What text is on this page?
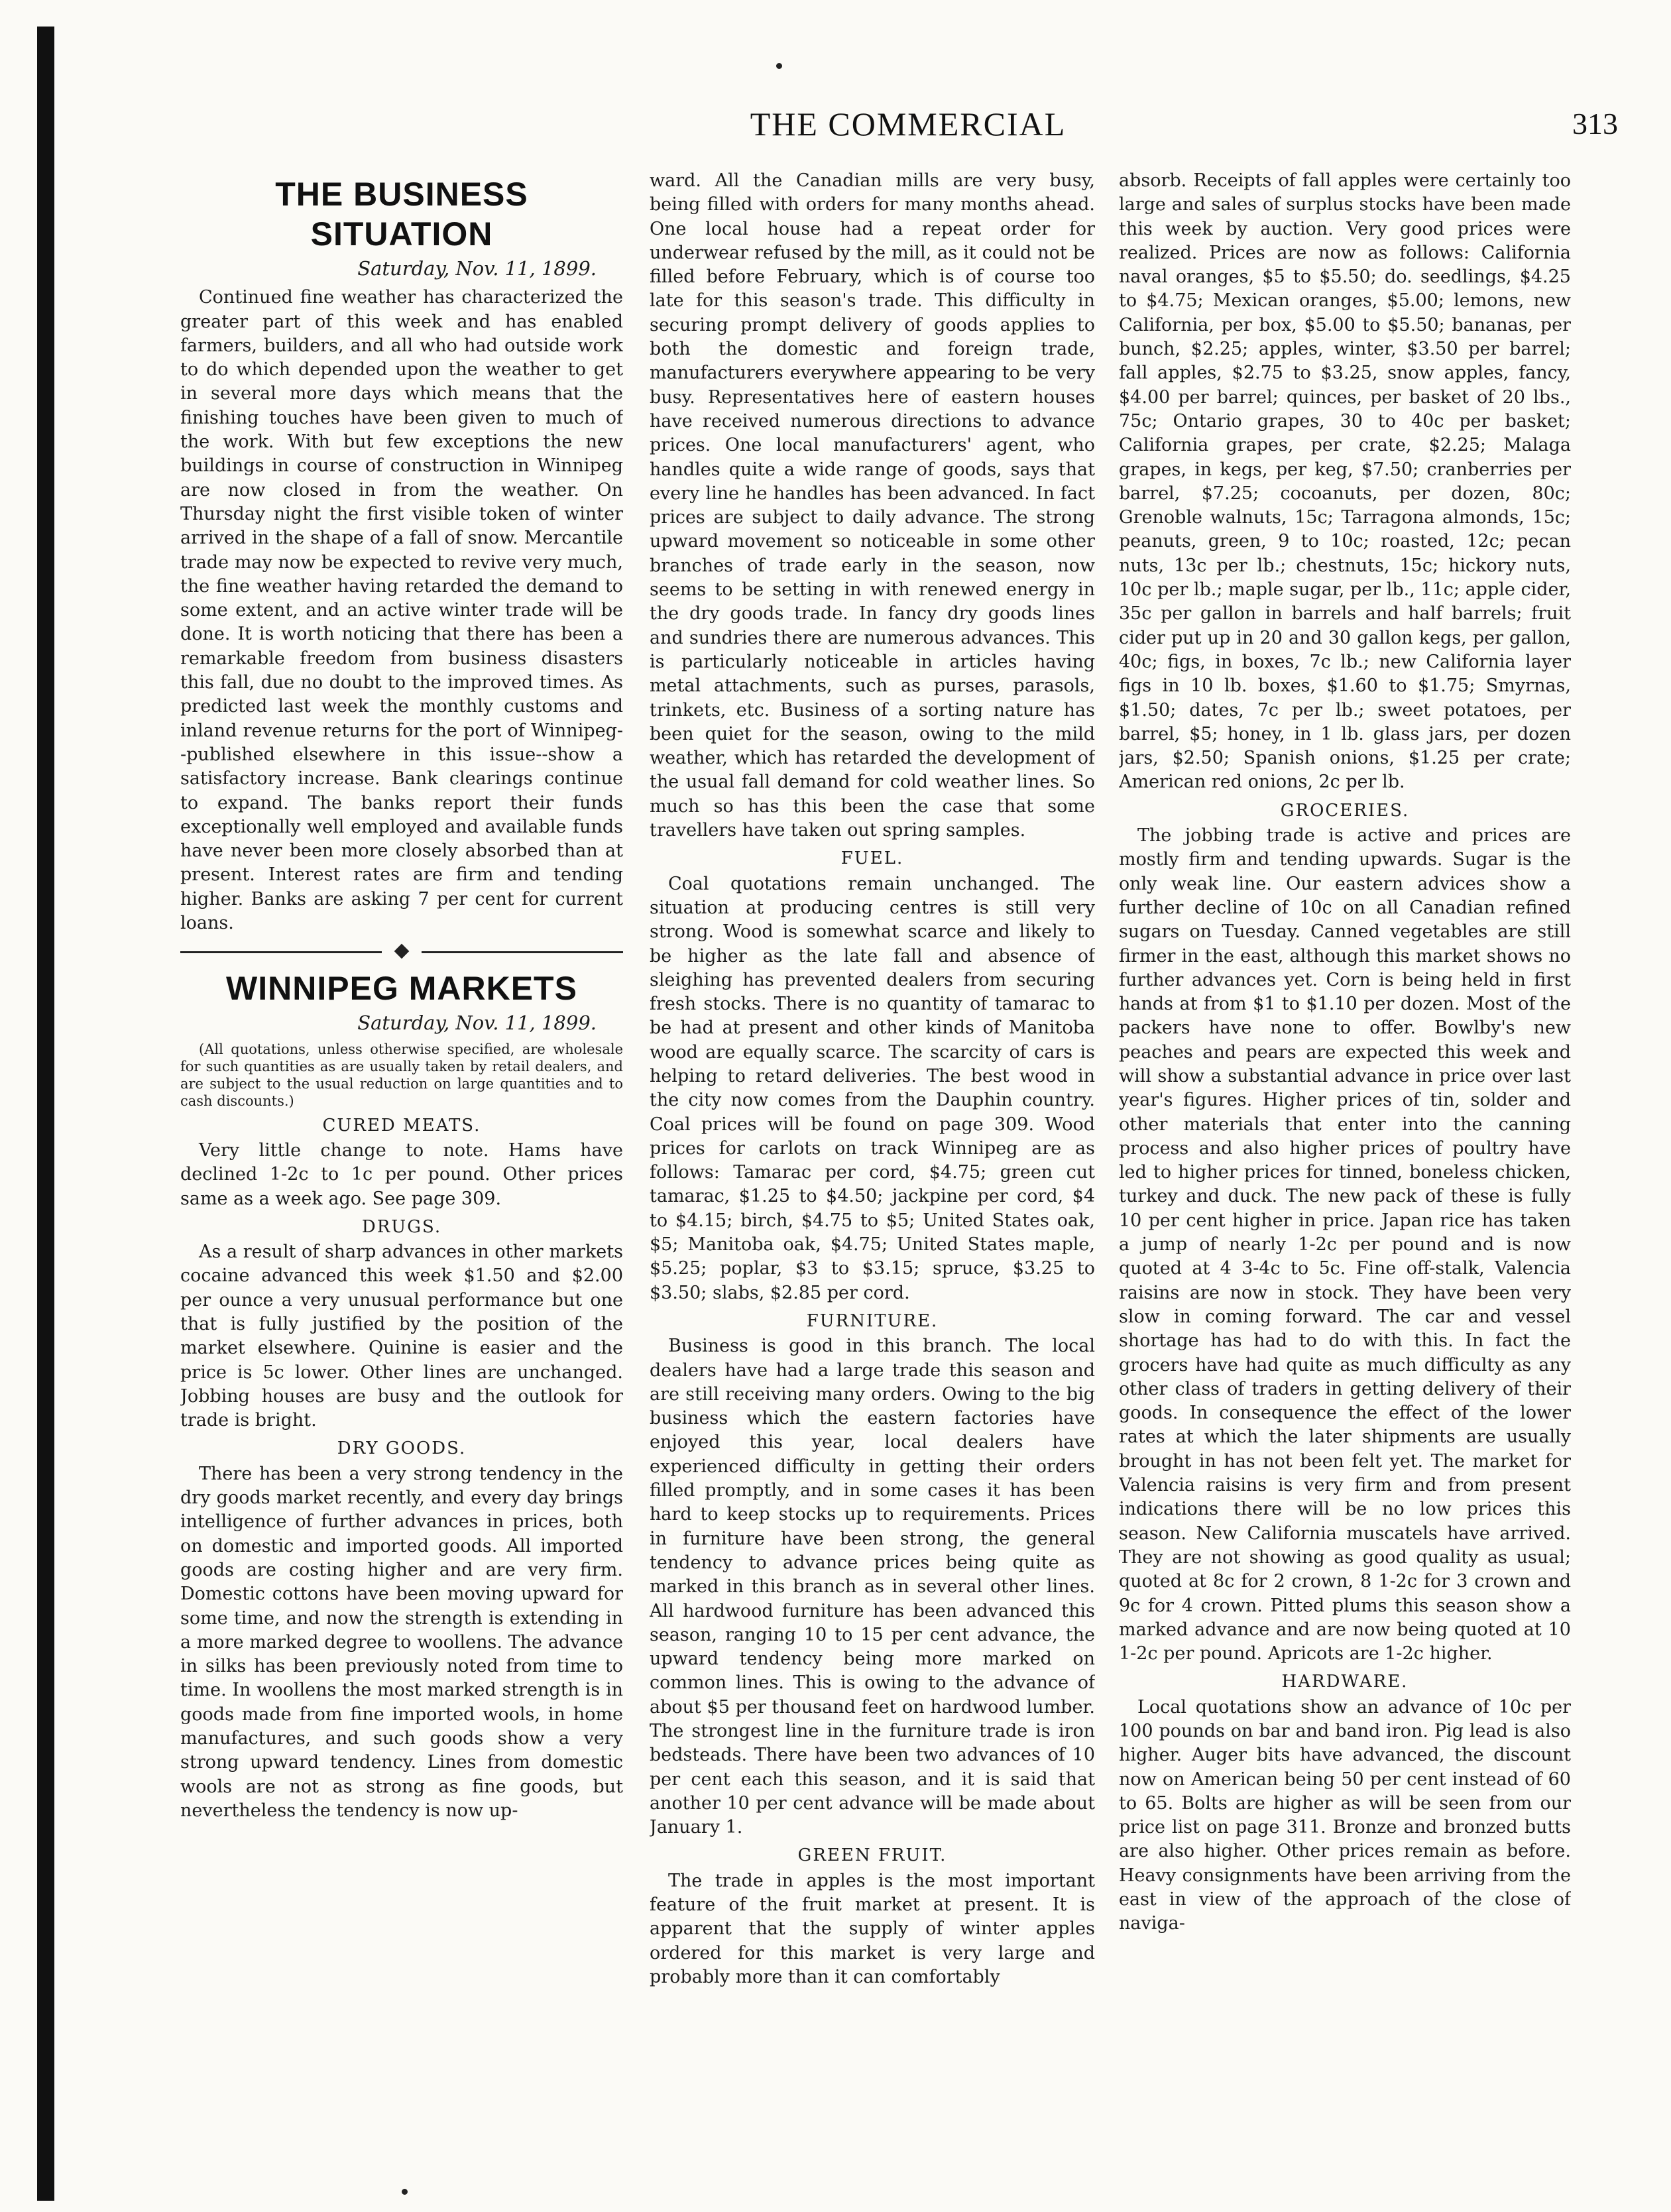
THE COMMERCIAL	313
THE BUSINESS SITUATION
Saturday, Nov. 11, 1899.

Continued fine weather has characterized the greater part of this week and has enabled farmers, builders, and all who had outside work to do which depended upon the weather to get in several more days which means that the finishing touches have been given to much of the work. With but few exceptions the new buildings in course of construction in Winnipeg are now closed in from the weather. On Thursday night the first visible token of winter arrived in the shape of a fall of snow. Mercantile trade may now be expected to revive very much, the fine weather having retarded the demand to some extent, and an active winter trade will be done. It is worth noticing that there has been a remarkable freedom from business disasters this fall, due no doubt to the improved times. As predicted last week the monthly customs and inland revenue returns for the port of Winnipeg--published elsewhere in this issue--show a satisfactory increase. Bank clearings continue to expand. The banks report their funds exceptionally well employed and available funds have never been more closely absorbed than at present. Interest rates are firm and tending higher. Banks are asking 7 per cent for current loans.

WINNIPEG MARKETS
Saturday, Nov. 11, 1899.

(All quotations, unless otherwise specified, are wholesale for such quantities as are usually taken by retail dealers, and are subject to the usual reduction on large quantities and to cash discounts.)

CURED MEATS.

Very little change to note. Hams have declined 1-2c to 1c per pound. Other prices same as a week ago. See page 309.

DRUGS.

As a result of sharp advances in other markets cocaine advanced this week $1.50 and $2.00 per ounce a very unusual performance but one that is fully justified by the position of the market elsewhere. Quinine is easier and the price is 5c lower. Other lines are unchanged. Jobbing houses are busy and the outlook for trade is bright.

DRY GOODS.

There has been a very strong tendency in the dry goods market recently, and every day brings intelligence of further advances in prices, both on domestic and imported goods. All imported goods are costing higher and are very firm. Domestic cottons have been moving upward for some time, and now the strength is extending in a more marked degree to woollens. The advance in silks has been previously noted from time to time. In woollens the most marked strength is in goods made from fine imported wools, in home manufactures, and such goods show a very strong upward tendency. Lines from domestic wools are not as strong as fine goods, but nevertheless the tendency is now up-

ward. All the Canadian mills are very busy, being filled with orders for many months ahead. One local house had a repeat order for underwear refused by the mill, as it could not be filled before February, which is of course too late for this season's trade. This difficulty in securing prompt delivery of goods applies to both the domestic and foreign trade, manufacturers everywhere appearing to be very busy. Representatives here of eastern houses have received numerous directions to advance prices. One local manufacturers' agent, who handles quite a wide range of goods, says that every line he handles has been advanced. In fact prices are subject to daily advance. The strong upward movement so noticeable in some other branches of trade early in the season, now seems to be setting in with renewed energy in the dry goods trade. In fancy dry goods lines and sundries there are numerous advances. This is particularly noticeable in articles having metal attachments, such as purses, parasols, trinkets, etc. Business of a sorting nature has been quiet for the season, owing to the mild weather, which has retarded the development of the usual fall demand for cold weather lines. So much so has this been the case that some travellers have taken out spring samples.

FUEL.

Coal quotations remain unchanged. The situation at producing centres is still very strong. Wood is somewhat scarce and likely to be higher as the late fall and absence of sleighing has prevented dealers from securing fresh stocks. There is no quantity of tamarac to be had at present and other kinds of Manitoba wood are equally scarce. The scarcity of cars is helping to retard deliveries. The best wood in the city now comes from the Dauphin country. Coal prices will be found on page 309. Wood prices for carlots on track Winnipeg are as follows: Tamarac per cord, $4.75; green cut tamarac, $1.25 to $4.50; jackpine per cord, $4 to $4.15; birch, $4.75 to $5; United States oak, $5; Manitoba oak, $4.75; United States maple, $5.25; poplar, $3 to $3.15; spruce, $3.25 to $3.50; slabs, $2.85 per cord.

FURNITURE.

Business is good in this branch. The local dealers have had a large trade this season and are still receiving many orders. Owing to the big business which the eastern factories have enjoyed this year, local dealers have experienced difficulty in getting their orders filled promptly, and in some cases it has been hard to keep stocks up to requirements. Prices in furniture have been strong, the general tendency to advance prices being quite as marked in this branch as in several other lines. All hardwood furniture has been advanced this season, ranging 10 to 15 per cent advance, the upward tendency being more marked on common lines. This is owing to the advance of about $5 per thousand feet on hardwood lumber. The strongest line in the furniture trade is iron bedsteads. There have been two advances of 10 per cent each this season, and it is said that another 10 per cent advance will be made about January 1.

GREEN FRUIT.

The trade in apples is the most important feature of the fruit market at present. It is apparent that the supply of winter apples ordered for this market is very large and probably more than it can comfortably

absorb. Receipts of fall apples were certainly too large and sales of surplus stocks have been made this week by auction. Very good prices were realized. Prices are now as follows: California naval oranges, $5 to $5.50; do. seedlings, $4.25 to $4.75; Mexican oranges, $5.00; lemons, new California, per box, $5.00 to $5.50; bananas, per bunch, $2.25; apples, winter, $3.50 per barrel; fall apples, $2.75 to $3.25, snow apples, fancy, $4.00 per barrel; quinces, per basket of 20 lbs., 75c; Ontario grapes, 30 to 40c per basket; California grapes, per crate, $2.25; Malaga grapes, in kegs, per keg, $7.50; cranberries per barrel, $7.25; cocoanuts, per dozen, 80c; Grenoble walnuts, 15c; Tarragona almonds, 15c; peanuts, green, 9 to 10c; roasted, 12c; pecan nuts, 13c per lb.; chestnuts, 15c; hickory nuts, 10c per lb.; maple sugar, per lb., 11c; apple cider, 35c per gallon in barrels and half barrels; fruit cider put up in 20 and 30 gallon kegs, per gallon, 40c; figs, in boxes, 7c lb.; new California layer figs in 10 lb. boxes, $1.60 to $1.75; Smyrnas, $1.50; dates, 7c per lb.; sweet potatoes, per barrel, $5; honey, in 1 lb. glass jars, per dozen jars, $2.50; Spanish onions, $1.25 per crate; American red onions, 2c per lb.

GROCERIES.

The jobbing trade is active and prices are mostly firm and tending upwards. Sugar is the only weak line. Our eastern advices show a further decline of 10c on all Canadian refined sugars on Tuesday. Canned vegetables are still firmer in the east, although this market shows no further advances yet. Corn is being held in first hands at from $1 to $1.10 per dozen. Most of the packers have none to offer. Bowlby's new peaches and pears are expected this week and will show a substantial advance in price over last year's figures. Higher prices of tin, solder and other materials that enter into the canning process and also higher prices of poultry have led to higher prices for tinned, boneless chicken, turkey and duck. The new pack of these is fully 10 per cent higher in price. Japan rice has taken a jump of nearly 1-2c per pound and is now quoted at 4 3-4c to 5c. Fine off-stalk, Valencia raisins are now in stock. They have been very slow in coming forward. The car and vessel shortage has had to do with this. In fact the grocers have had quite as much difficulty as any other class of traders in getting delivery of their goods. In consequence the effect of the lower rates at which the later shipments are usually brought in has not been felt yet. The market for Valencia raisins is very firm and from present indications there will be no low prices this season. New California muscatels have arrived. They are not showing as good quality as usual; quoted at 8c for 2 crown, 8 1-2c for 3 crown and 9c for 4 crown. Pitted plums this season show a marked advance and are now being quoted at 10 1-2c per pound. Apricots are 1-2c higher.

HARDWARE.

Local quotations show an advance of 10c per 100 pounds on bar and band iron. Pig lead is also higher. Auger bits have advanced, the discount now on American being 50 per cent instead of 60 to 65. Bolts are higher as will be seen from our price list on page 311. Bronze and bronzed butts are also higher. Other prices remain as before. Heavy consignments have been arriving from the east in view of the approach of the close of naviga-
